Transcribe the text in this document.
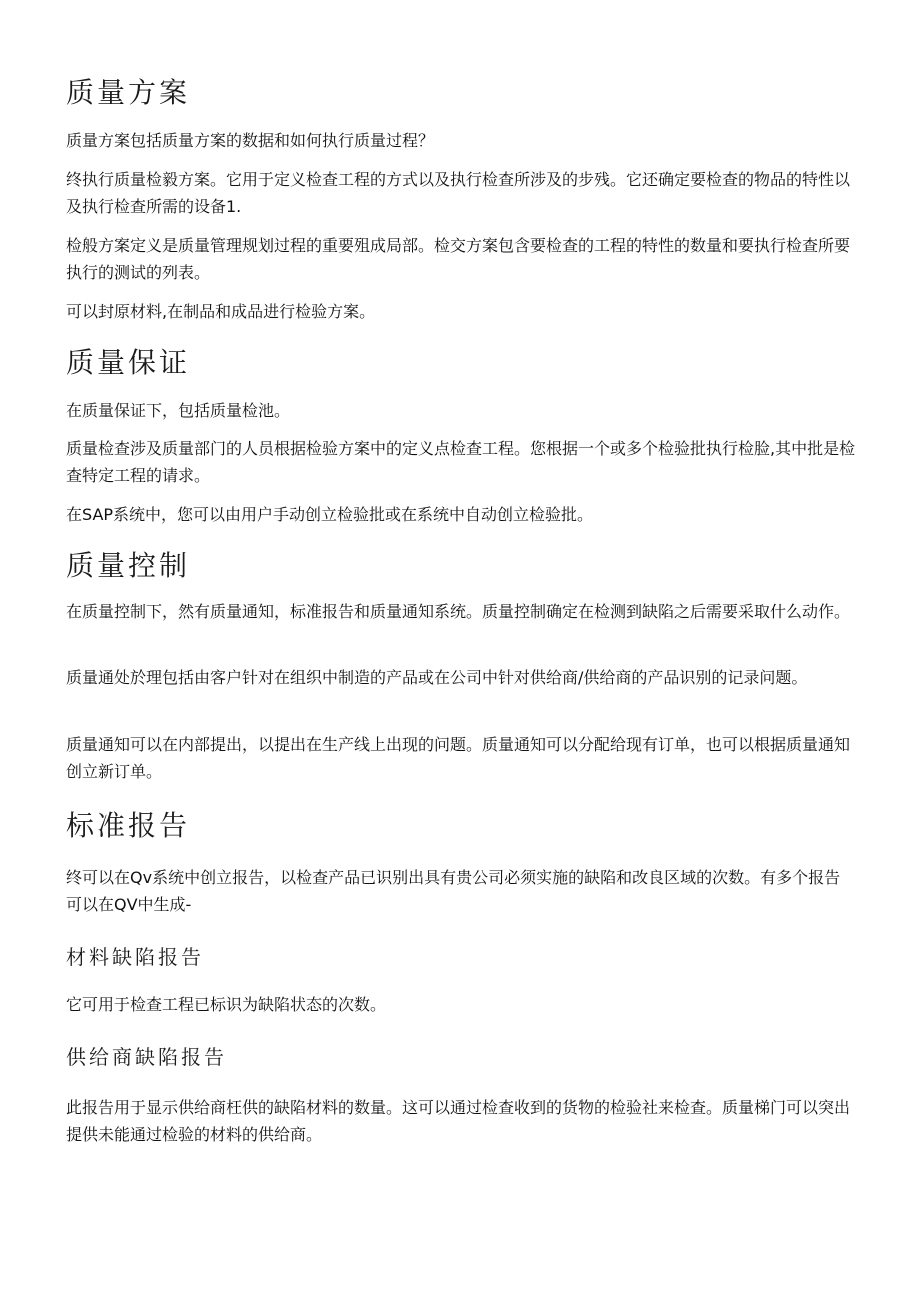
质量方案

质量方案包括质量方案的数据和如何执行质量过程？

终执行质量检毅方案。它用于定义检查工程的方式以及执行检查所涉及的步残。它还确定要检查的物品的特性以及执行检查所需的设备1.

检般方案定义是质量管理规划过程的重要殂成局部。检交方案包含要检查的工程的特性的数量和要执行检查所要执行的测试的列表。

可以封原材料,在制品和成品进行检验方案。

质量保证

在质量保证下，包括质量检池。

质量检查涉及质量部门的人员根据检验方案中的定义点检查工程。您根据一个或多个检验批执行检脸,其中批是检查特定工程的请求。

在SAP系统中，您可以由用户手动创立检验批或在系统中自动创立检验批。

质量控制

在质量控制下，然有质量通知，标准报告和质量通知系统。质量控制确定在检测到缺陷之后需要采取什么动作。

质量通处於理包括由客户针对在组织中制造的产品或在公司中针对供给商/供给商的产品识别的记录问题。

质量通知可以在内部提出，以提出在生产线上出现的问题。质量通知可以分配给现有订单，也可以根据质量通知创立新订单。

标准报告

终可以在Qv系统中创立报告，以检查产品已识别出具有贵公司必须实施的缺陷和改良区域的次数。有多个报告可以在QV中生成-

材料缺陷报告

它可用于检查工程已标识为缺陷状态的次数。

供给商缺陷报告

此报告用于显示供给商枉供的缺陷材料的数量。这可以通过检查收到的货物的检验社来检查。质量梯门可以突出提供未能通过检验的材料的供给商。
